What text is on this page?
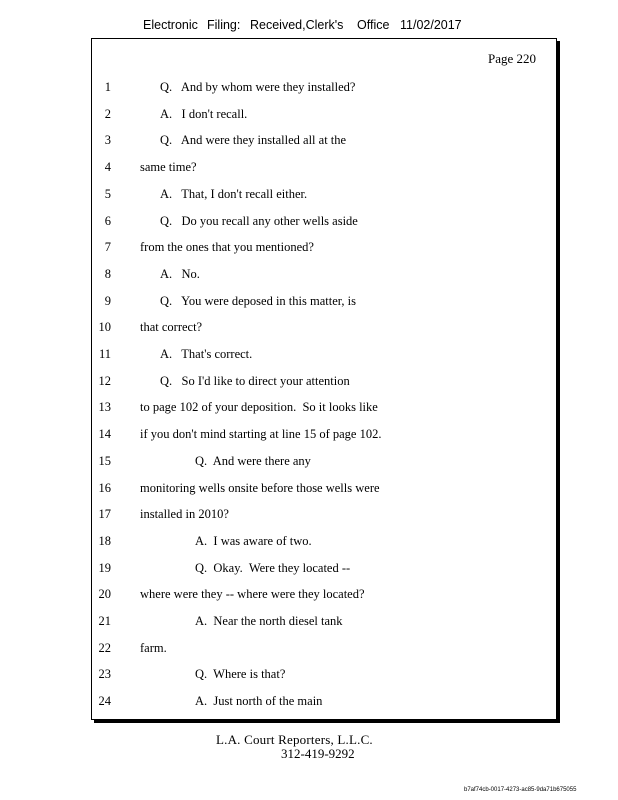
Electronic Filing: Received,Clerk's Office 11/02/2017
Page 220
1	Q.   And by whom were they installed?
2	A.   I don't recall.
3	Q.   And were they installed all at the
4 same time?
5	A.   That, I don't recall either.
6	Q.   Do you recall any other wells aside
7 from the ones that you mentioned?
8	A.   No.
9	Q.   You were deposed in this matter, is
10 that correct?
11	A.   That's correct.
12	Q.   So I'd like to direct your attention
13 to page 102 of your deposition.  So it looks like
14 if you don't mind starting at line 15 of page 102.
15	Q.  And were there any
16 monitoring wells onsite before those wells were
17 installed in 2010?
18	A.  I was aware of two.
19	Q.  Okay.  Were they located --
20 where were they -- where were they located?
21	A.  Near the north diesel tank
22 farm.
23	Q.  Where is that?
24	A.  Just north of the main
L.A. Court Reporters, L.L.C.
312-419-9292
b7af74cb-0017-4273-ac85-9da71b675055
